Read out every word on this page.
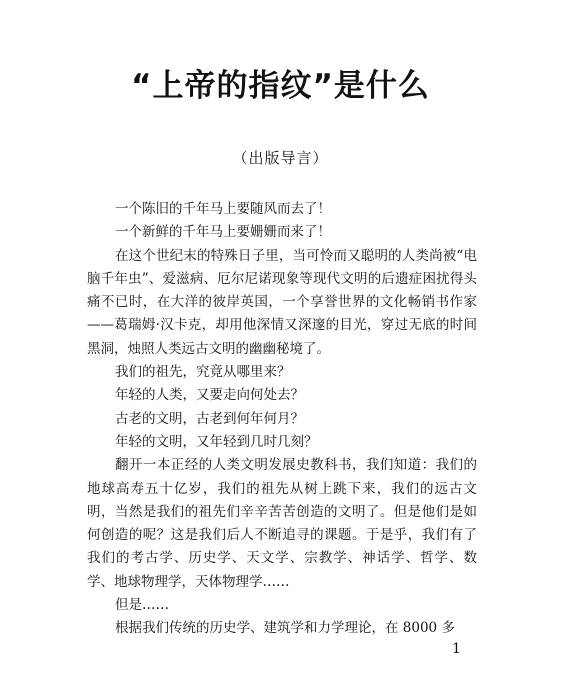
“上帝的指纹”是什么
（出版导言）

一个陈旧的千年马上要随风而去了！

一个新鲜的千年马上要姗姗而来了！

在这个世纪末的特殊日子里，当可怜而又聪明的人类尚被“电脑千年虫”、爱滋病、厄尔尼诺现象等现代文明的后遗症困扰得头痛不已时，在大洋的彼岸英国，一个享誉世界的文化畅销书作家——葛瑞姆·汉卡克，却用他深情又深邃的目光，穿过无底的时间黑洞，烛照人类远古文明的幽幽秘境了。

我们的祖先，究竟从哪里来？

年轻的人类，又要走向何处去？

古老的文明，古老到何年何月？

年轻的文明，又年轻到几时几刻？

翻开一本正经的人类文明发展史教科书，我们知道：我们的地球高寿五十亿岁，我们的祖先从树上跳下来，我们的远古文明，当然是我们的祖先们辛辛苦苦创造的文明了。但是他们是如何创造的呢？这是我们后人不断追寻的课题。于是乎，我们有了我们的考古学、历史学、天文学、宗教学、神话学、哲学、数学、地球物理学，天体物理学……

但是……

根据我们传统的历史学、建筑学和力学理论，在 8000 多

1
